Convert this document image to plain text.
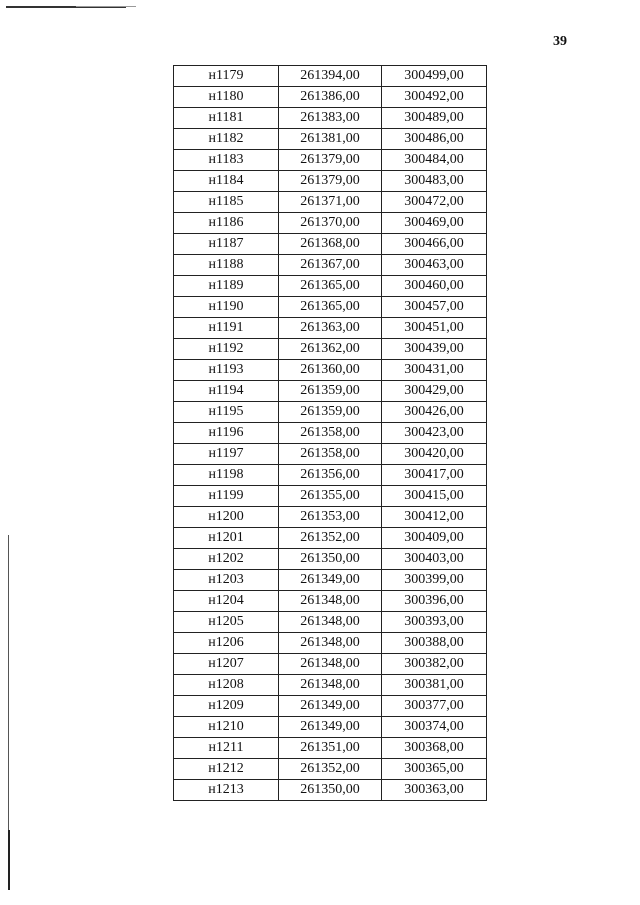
39
н1179	261394,00	300499,00
н1180	261386,00	300492,00
н1181	261383,00	300489,00
н1182	261381,00	300486,00
н1183	261379,00	300484,00
н1184	261379,00	300483,00
н1185	261371,00	300472,00
н1186	261370,00	300469,00
н1187	261368,00	300466,00
н1188	261367,00	300463,00
н1189	261365,00	300460,00
н1190	261365,00	300457,00
н1191	261363,00	300451,00
н1192	261362,00	300439,00
н1193	261360,00	300431,00
н1194	261359,00	300429,00
н1195	261359,00	300426,00
н1196	261358,00	300423,00
н1197	261358,00	300420,00
н1198	261356,00	300417,00
н1199	261355,00	300415,00
н1200	261353,00	300412,00
н1201	261352,00	300409,00
н1202	261350,00	300403,00
н1203	261349,00	300399,00
н1204	261348,00	300396,00
н1205	261348,00	300393,00
н1206	261348,00	300388,00
н1207	261348,00	300382,00
н1208	261348,00	300381,00
н1209	261349,00	300377,00
н1210	261349,00	300374,00
н1211	261351,00	300368,00
н1212	261352,00	300365,00
н1213	261350,00	300363,00
